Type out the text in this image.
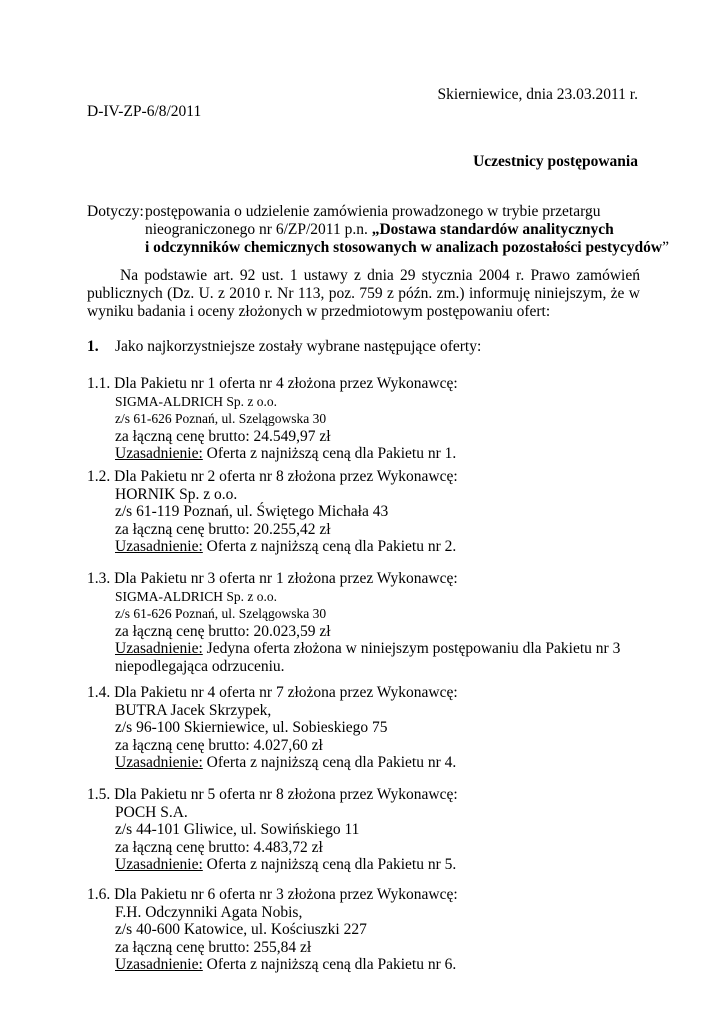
Skierniewice, dnia 23.03.2011 r.
D-IV-ZP-6/8/2011
Uczestnicy postępowania
Dotyczy: postępowania o udzielenie zamówienia prowadzonego w trybie przetargu
nieograniczonego nr 6/ZP/2011 p.n. „Dostawa standardów analitycznych
i odczynników chemicznych stosowanych w analizach pozostałości pestycydów”

Na podstawie art. 92 ust. 1 ustawy z dnia 29 stycznia 2004 r. Prawo zamówień publicznych (Dz. U. z 2010 r. Nr 113, poz. 759 z późn. zm.) informuję niniejszym, że w wyniku badania i oceny złożonych w przedmiotowym postępowaniu ofert:

1. Jako najkorzystniejsze zostały wybrane następujące oferty:
1.1. Dla Pakietu nr 1 oferta nr 4 złożona przez Wykonawcę:
SIGMA-ALDRICH Sp. z o.o.
z/s 61-626 Poznań, ul. Szelągowska 30
za łączną cenę brutto: 24.549,97 zł
Uzasadnienie: Oferta z najniższą ceną dla Pakietu nr 1.
1.2. Dla Pakietu nr 2 oferta nr 8 złożona przez Wykonawcę:
HORNIK Sp. z o.o.
z/s 61-119 Poznań, ul. Świętego Michała 43
za łączną cenę brutto: 20.255,42 zł
Uzasadnienie: Oferta z najniższą ceną dla Pakietu nr 2.
1.3. Dla Pakietu nr 3 oferta nr 1 złożona przez Wykonawcę:
SIGMA-ALDRICH Sp. z o.o.
z/s 61-626 Poznań, ul. Szelągowska 30
za łączną cenę brutto: 20.023,59 zł
Uzasadnienie: Jedyna oferta złożona w niniejszym postępowaniu dla Pakietu nr 3
niepodlegająca odrzuceniu.
1.4. Dla Pakietu nr 4 oferta nr 7 złożona przez Wykonawcę:
BUTRA Jacek Skrzypek,
z/s 96-100 Skierniewice, ul. Sobieskiego 75
za łączną cenę brutto: 4.027,60 zł
Uzasadnienie: Oferta z najniższą ceną dla Pakietu nr 4.
1.5. Dla Pakietu nr 5 oferta nr 8 złożona przez Wykonawcę:
POCH S.A.
z/s 44-101 Gliwice, ul. Sowińskiego 11
za łączną cenę brutto: 4.483,72 zł
Uzasadnienie: Oferta z najniższą ceną dla Pakietu nr 5.
1.6. Dla Pakietu nr 6 oferta nr 3 złożona przez Wykonawcę:
F.H. Odczynniki Agata Nobis,
z/s 40-600 Katowice, ul. Kościuszki 227
za łączną cenę brutto: 255,84 zł
Uzasadnienie: Oferta z najniższą ceną dla Pakietu nr 6.
